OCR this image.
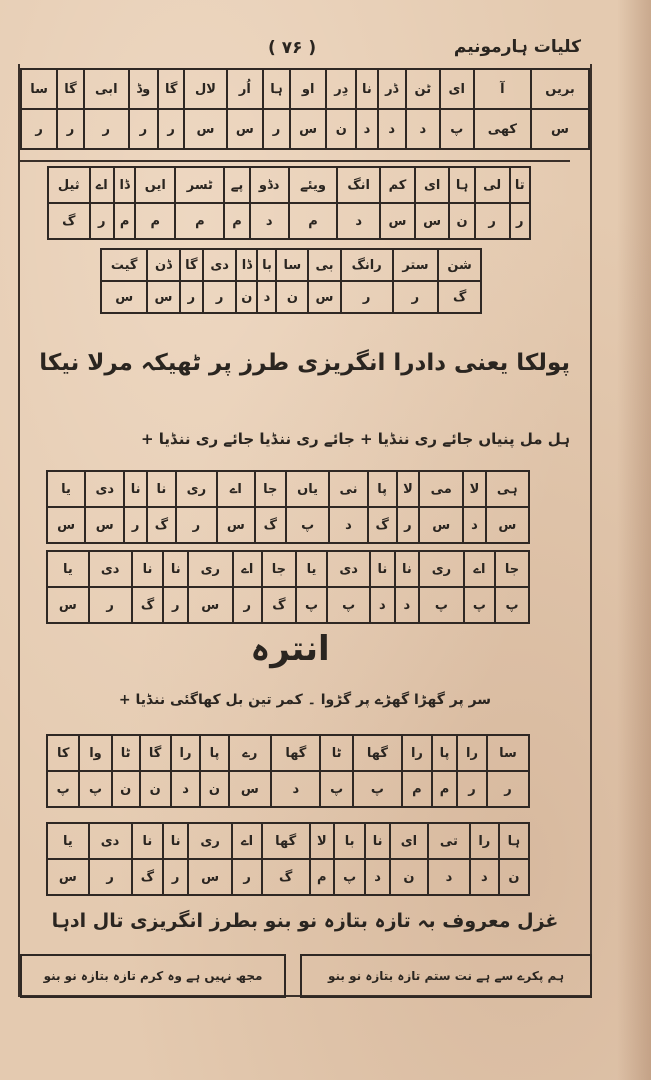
کلیات ہارمونیم
( ۷۶ )
بریں	آ	ای	ٹن	ڈر	نا	دِر	او	ہا	اُر	لال	گا	وڈ	ابی	گا	سا
س	کھی	پ	د	د	د	ن	س	ر	س	س	ر	ر	ر	ر	ر
تا	لی	ہا	ای	کم	انگ	ویئے	دڈو	پے	ٹسر	ایں	ڈا	اے	ثیل
ر	ر	ن	س	س	د	م	د	م	م	م	م	ر	گ
شن	ستر	رانگ	بی	سا	با	ڈا	دی	گا	ڈن	گیت
گ	ر	ر	س	ن	د	ن	ر	ر	س	س
پولکا یعنی دادرا انگریزی طرز پر ٹھیکہ مرلا نیکا
ہل مل پنیاں جائے ری ننڈیا + جائے ری ننڈیا جائے ری ننڈیا +
ہی	لا	می	لا	پا	نی	یاں	جا	اے	ری	نا	نا	دی	یا
س	د	س	ر	گ	د	پ	گ	س	ر	گ	ر	س	س
جا	اے	ری	نا	نا	دی	یا	جا	اے	ری	نا	نا	دی	یا
پ	پ	پ	د	د	پ	پ	گ	ر	س	ر	گ	ر	س
انترہ
سر پر گھڑا گھڑے پر گڑوا ۔ کمر تین بل کھاگئی ننڈیا +
سا	را	پا	را	گھا	ٹا	گھا	رے	پا	را	گا	ٹا	وا	کا
ر	ر	م	م	پ	پ	د	س	ن	د	ن	ن	پ	پ
ہا	را	تی	ای	نا	با	لا	گھا	اے	ری	نا	نا	دی	یا
ن	د	د	ن	د	پ	م	گ	ر	س	ر	گ	ر	س
غزل معروف بہ تازہ بتازہ نو بنو بطرز انگریزی تال ادہا
ہم پکرے سے ہے نت ستم تازہ بتازہ نو بنو
مجھ نہیں ہے وہ کرم تازہ بتازہ نو بنو
